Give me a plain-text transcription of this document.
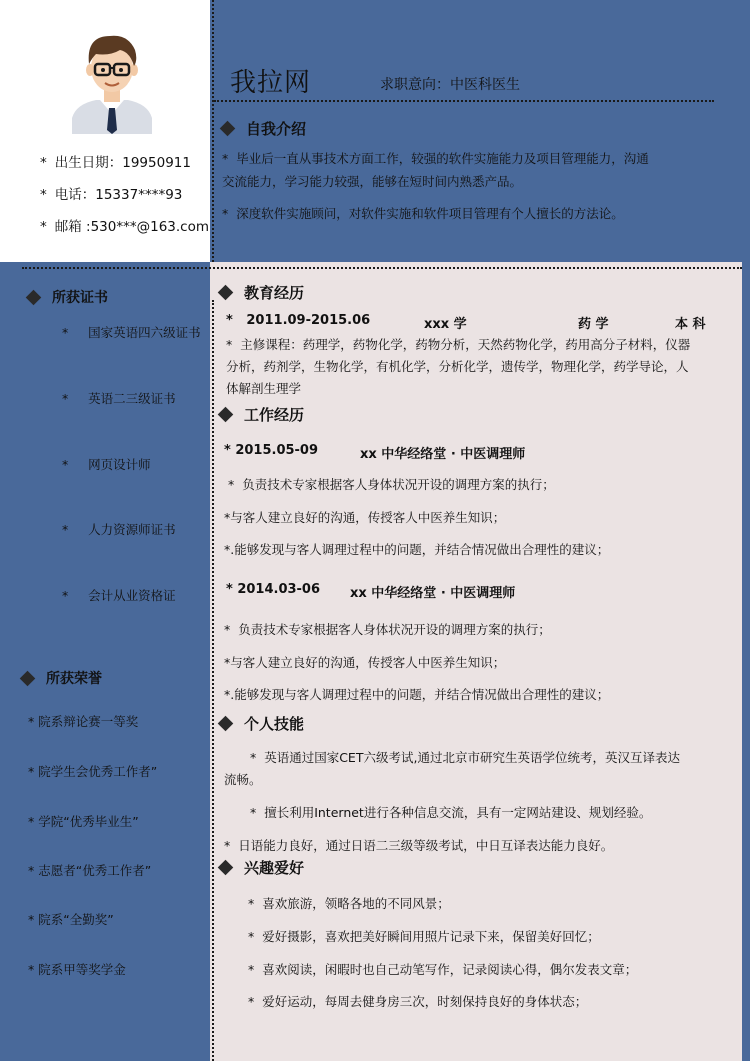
* 出生日期：19950911
* 电话：15337****93
* 邮箱 :530***@163.com
我拉网	求职意向：中医科医生
自我介绍
*  毕业后一直从事技术方面工作，较强的软件实施能力及项目管理能力，沟通
交流能力，学习能力较强，能够在短时间内熟悉产品。
*  深度软件实施顾问，对软件实施和软件项目管理有个人擅长的方法论。
所获证书
*     国家英语四六级证书
*     英语二三级证书
*     网页设计师
*     人力资源师证书
*     会计从业资格证
所获荣誉
* 院系辩论赛一等奖
* 院学生会优秀工作者”
* 学院“优秀毕业生”
* 志愿者“优秀工作者”
* 院系“全勤奖”
* 院系甲等奖学金
教育经历
*   2011.09-2015.06	xxx 学	药 学	本 科
*  主修课程：药理学，药物化学，药物分析，天然药物化学，药用高分子材料，仪器
分析，药剂学，生物化学，有机化学，分析化学，遗传学，物理化学，药学导论，人
体解剖生理学
工作经历
* 2015.05-09	xx 中华经络堂 · 中医调理师
*  负责技术专家根据客人身体状况开设的调理方案的执行；
*与客人建立良好的沟通，传授客人中医养生知识；
*.能够发现与客人调理过程中的问题，并结合情况做出合理性的建议；
* 2014.03-06 xx 中华经络堂 · 中医调理师
*  负责技术专家根据客人身体状况开设的调理方案的执行；
*与客人建立良好的沟通，传授客人中医养生知识；
*.能够发现与客人调理过程中的问题，并结合情况做出合理性的建议；
个人技能
*  英语通过国家CET六级考试,通过北京市研究生英语学位统考，英汉互译表达
流畅。
*  擅长利用Internet进行各种信息交流，具有一定网站建设、规划经验。
*  日语能力良好，通过日语二三级等级考试，中日互译表达能力良好。
兴趣爱好
*  喜欢旅游，领略各地的不同风景；
*  爱好摄影，喜欢把美好瞬间用照片记录下来，保留美好回忆；
*  喜欢阅读，闲暇时也自己动笔写作，记录阅读心得，偶尔发表文章；
*  爱好运动，每周去健身房三次，时刻保持良好的身体状态；
